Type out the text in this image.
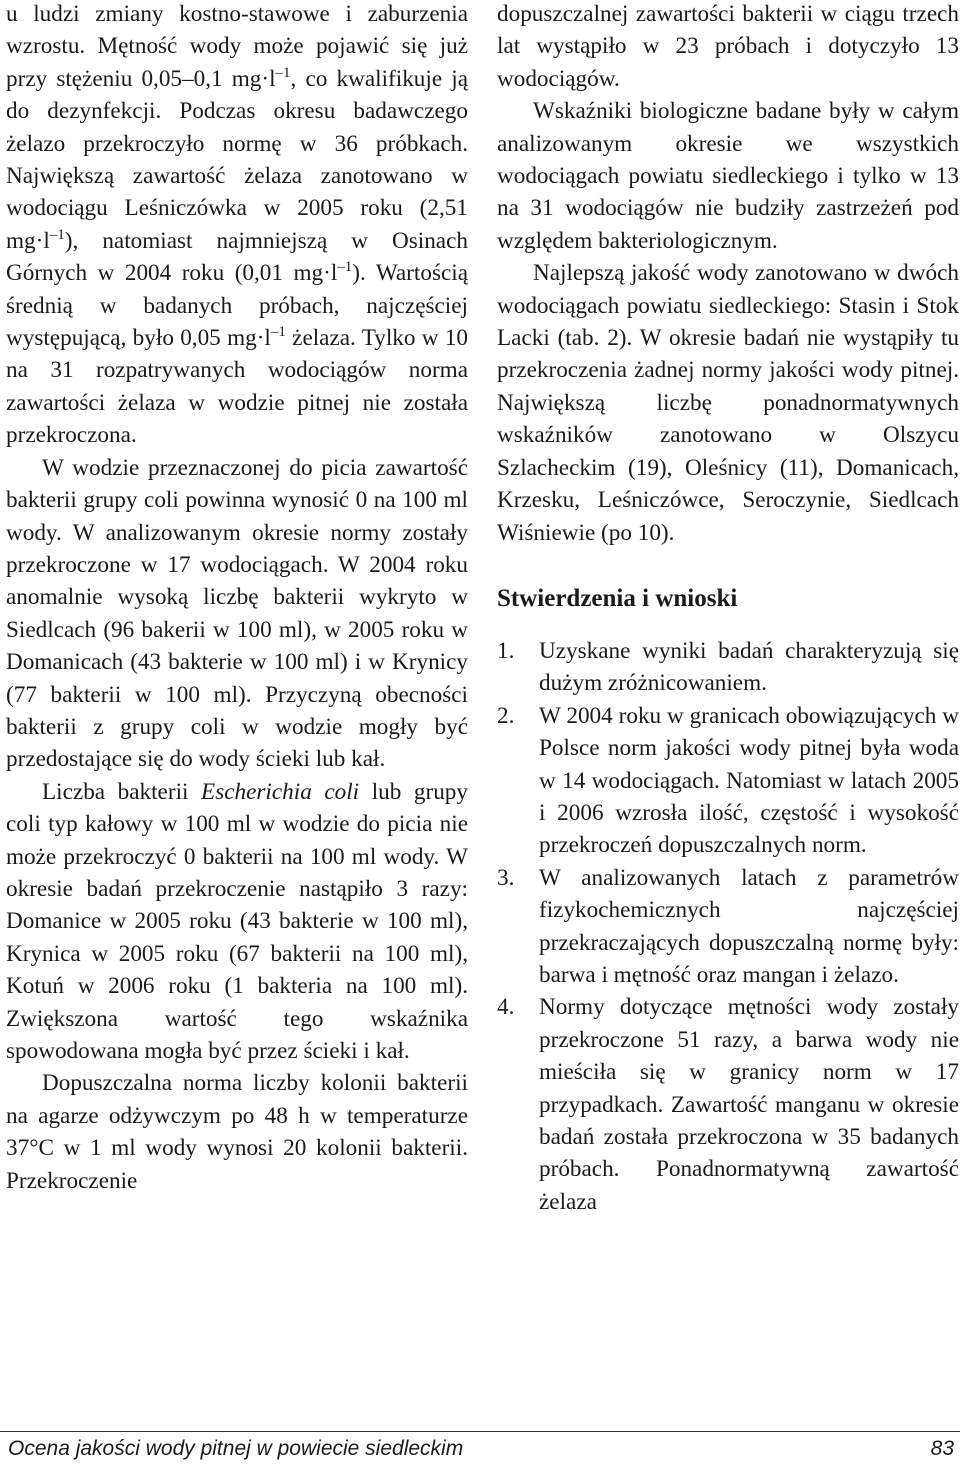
u ludzi zmiany kostno-stawowe i zaburzenia wzrostu. Mętność wody może pojawić się już przy stężeniu 0,05–0,1 $mg\cdot l^{-1}$, co kwalifikuje ją do dezynfekcji. Podczas okresu badawczego żelazo przekroczyło normę w 36 próbkach. Największą zawartość żelaza zanotowano w wodociągu Leśniczówka w 2005 roku (2,51 $mg\cdot l^{-1}$), natomiast najmniejszą w Osinach Górnych w 2004 roku (0,01 $mg\cdot l^{-1}$). Wartością średnią w badanych próbach, najczęściej występującą, było 0,05 $mg\cdot l^{-1}$ żelaza. Tylko w 10 na 31 rozpatrywanych wodociągów norma zawartości żelaza w wodzie pitnej nie została przekroczona.

W wodzie przeznaczonej do picia zawartość bakterii grupy coli powinna wynosić 0 na 100 ml wody. W analizowanym okresie normy zostały przekroczone w 17 wodociągach. W 2004 roku anomalnie wysoką liczbę bakterii wykryto w Siedlcach (96 bakerii w 100 ml), w 2005 roku w Domanicach (43 bakterie w 100 ml) i w Krynicy (77 bakterii w 100 ml). Przyczyną obecności bakterii z grupy coli w wodzie mogły być przedostające się do wody ścieki lub kał.

Liczba bakterii Escherichia coli lub grupy coli typ kałowy w 100 ml w wodzie do picia nie może przekroczyć 0 bakterii na 100 ml wody. W okresie badań przekroczenie nastąpiło 3 razy: Domanice w 2005 roku (43 bakterie w 100 ml), Krynica w 2005 roku (67 bakterii na 100 ml), Kotuń w 2006 roku (1 bakteria na 100 ml). Zwiększona wartość tego wskaźnika spowodowana mogła być przez ścieki i kał.

Dopuszczalna norma liczby kolonii bakterii na agarze odżywczym po 48 h w temperaturze 37°C w 1 ml wody wynosi 20 kolonii bakterii. Przekroczenie

dopuszczalnej zawartości bakterii w ciągu trzech lat wystąpiło w 23 próbach i dotyczyło 13 wodociągów.

Wskaźniki biologiczne badane były w całym analizowanym okresie we wszystkich wodociągach powiatu siedleckiego i tylko w 13 na 31 wodociągów nie budziły zastrzeżeń pod względem bakteriologicznym.

Najlepszą jakość wody zanotowano w dwóch wodociągach powiatu siedleckiego: Stasin i Stok Lacki (tab. 2). W okresie badań nie wystąpiły tu przekroczenia żadnej normy jakości wody pitnej. Największą liczbę ponadnormatywnych wskaźników zanotowano w Olszycu Szlacheckim (19), Oleśnicy (11), Domanicach, Krzesku, Leśniczówce, Seroczynie, Siedlcach Wiśniewie (po 10).

Stwierdzenia i wnioski
1.	Uzyskane wyniki badań charakteryzują się dużym zróżnicowaniem.
2.	W 2004 roku w granicach obowiązujących w Polsce norm jakości wody pitnej była woda w 14 wodociągach. Natomiast w latach 2005 i 2006 wzrosła ilość, częstość i wysokość przekroczeń dopuszczalnych norm.
3.	W analizowanych latach z parametrów fizykochemicznych najczęściej przekraczających dopuszczalną normę były: barwa i mętność oraz mangan i żelazo.
4.	Normy dotyczące mętności wody zostały przekroczone 51 razy, a barwa wody nie mieściła się w granicy norm w 17 przypadkach. Zawartość manganu w okresie badań została przekroczona w 35 badanych próbach. Ponadnormatywną zawartość żelaza
Ocena jakości wody pitnej w powiecie siedleckim	83
